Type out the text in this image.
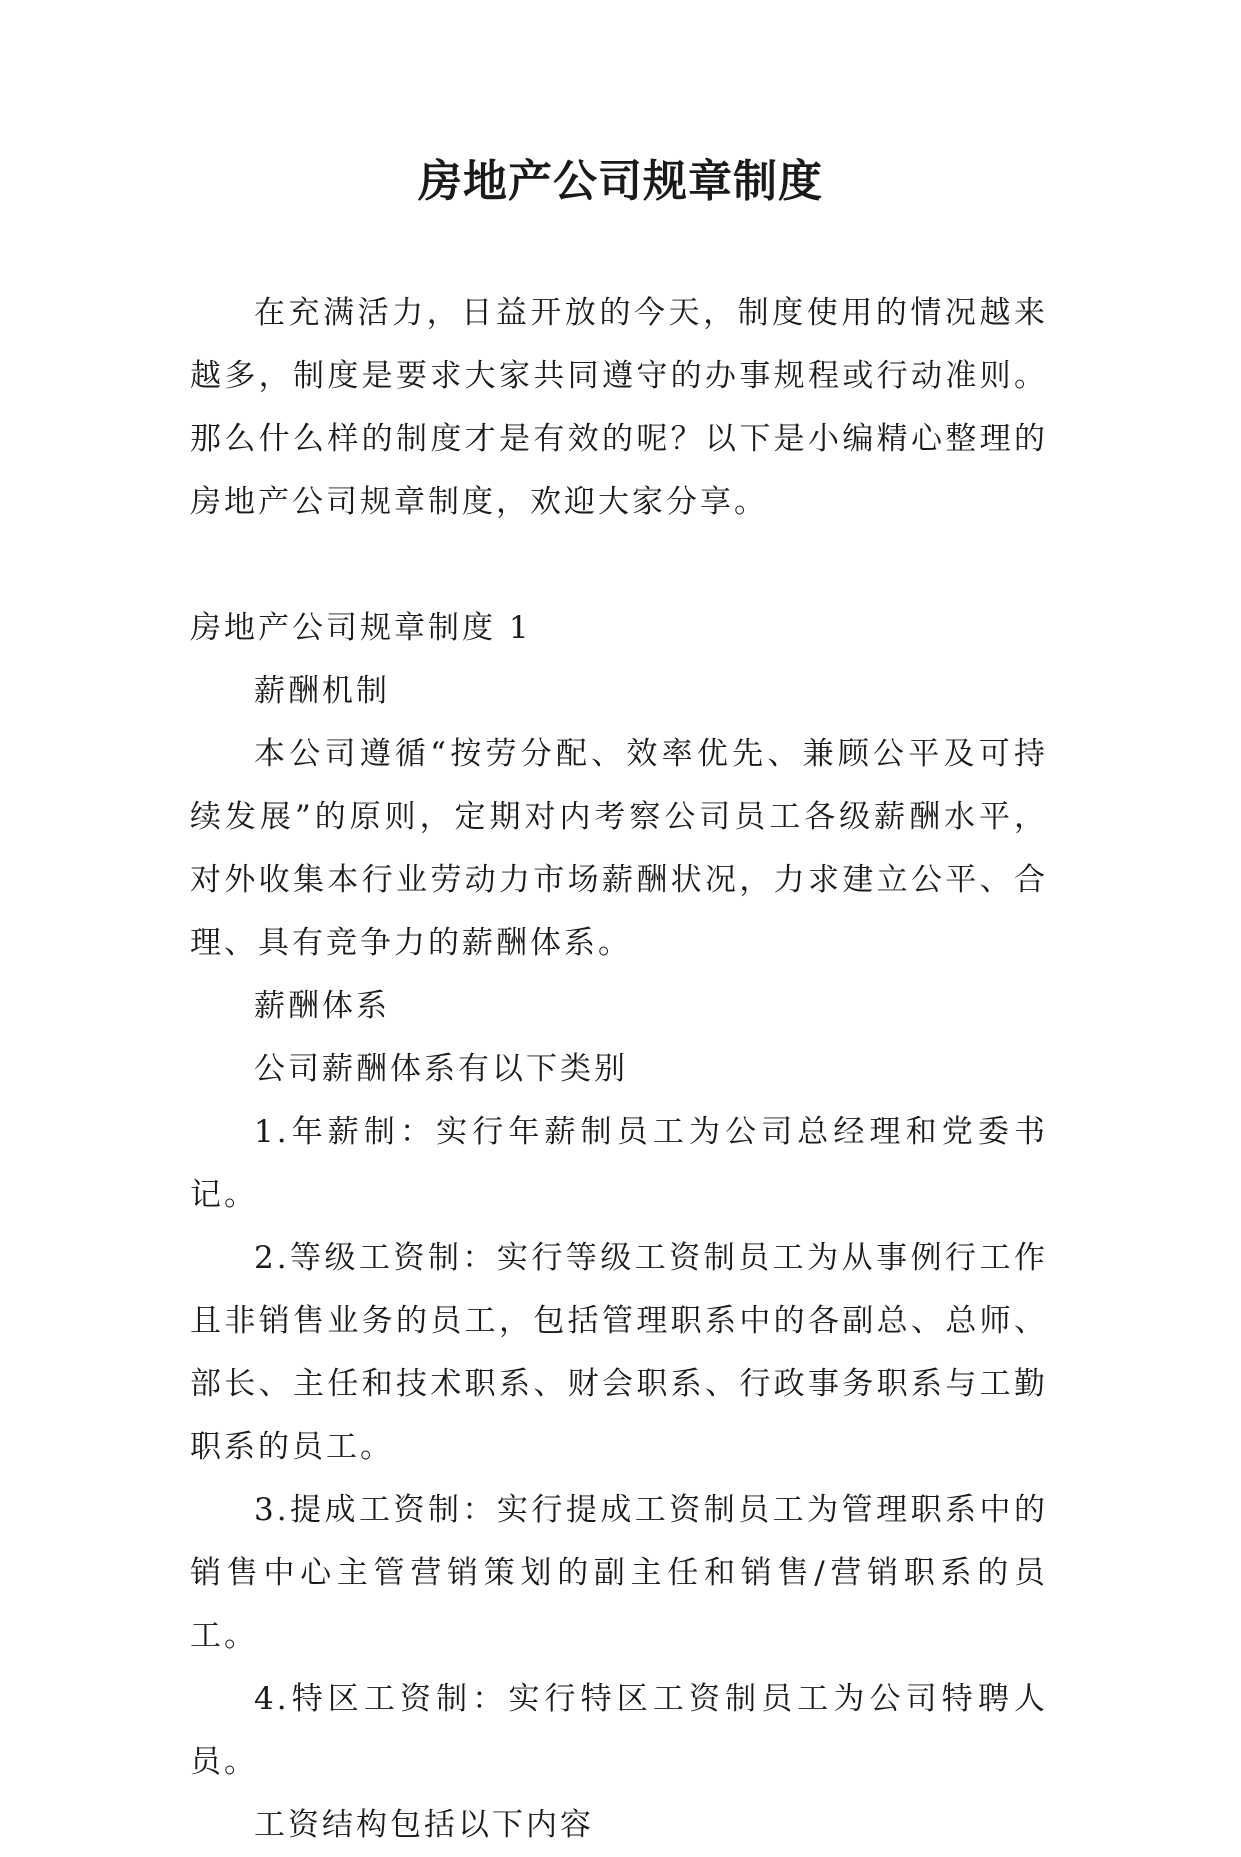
房地产公司规章制度

在充满活力，日益开放的今天，制度使用的情况越来越多，制度是要求大家共同遵守的办事规程或行动准则。那么什么样的制度才是有效的呢？以下是小编精心整理的房地产公司规章制度，欢迎大家分享。

房地产公司规章制度 1

薪酬机制

本公司遵循“按劳分配、效率优先、兼顾公平及可持续发展”的原则，定期对内考察公司员工各级薪酬水平，对外收集本行业劳动力市场薪酬状况，力求建立公平、合理、具有竞争力的薪酬体系。

薪酬体系

公司薪酬体系有以下类别

1.年薪制：实行年薪制员工为公司总经理和党委书记。

2.等级工资制：实行等级工资制员工为从事例行工作且非销售业务的员工，包括管理职系中的各副总、总师、部长、主任和技术职系、财会职系、行政事务职系与工勤职系的员工。

3.提成工资制：实行提成工资制员工为管理职系中的销售中心主管营销策划的副主任和销售/营销职系的员工。

4.特区工资制：实行特区工资制员工为公司特聘人员。

工资结构包括以下内容
